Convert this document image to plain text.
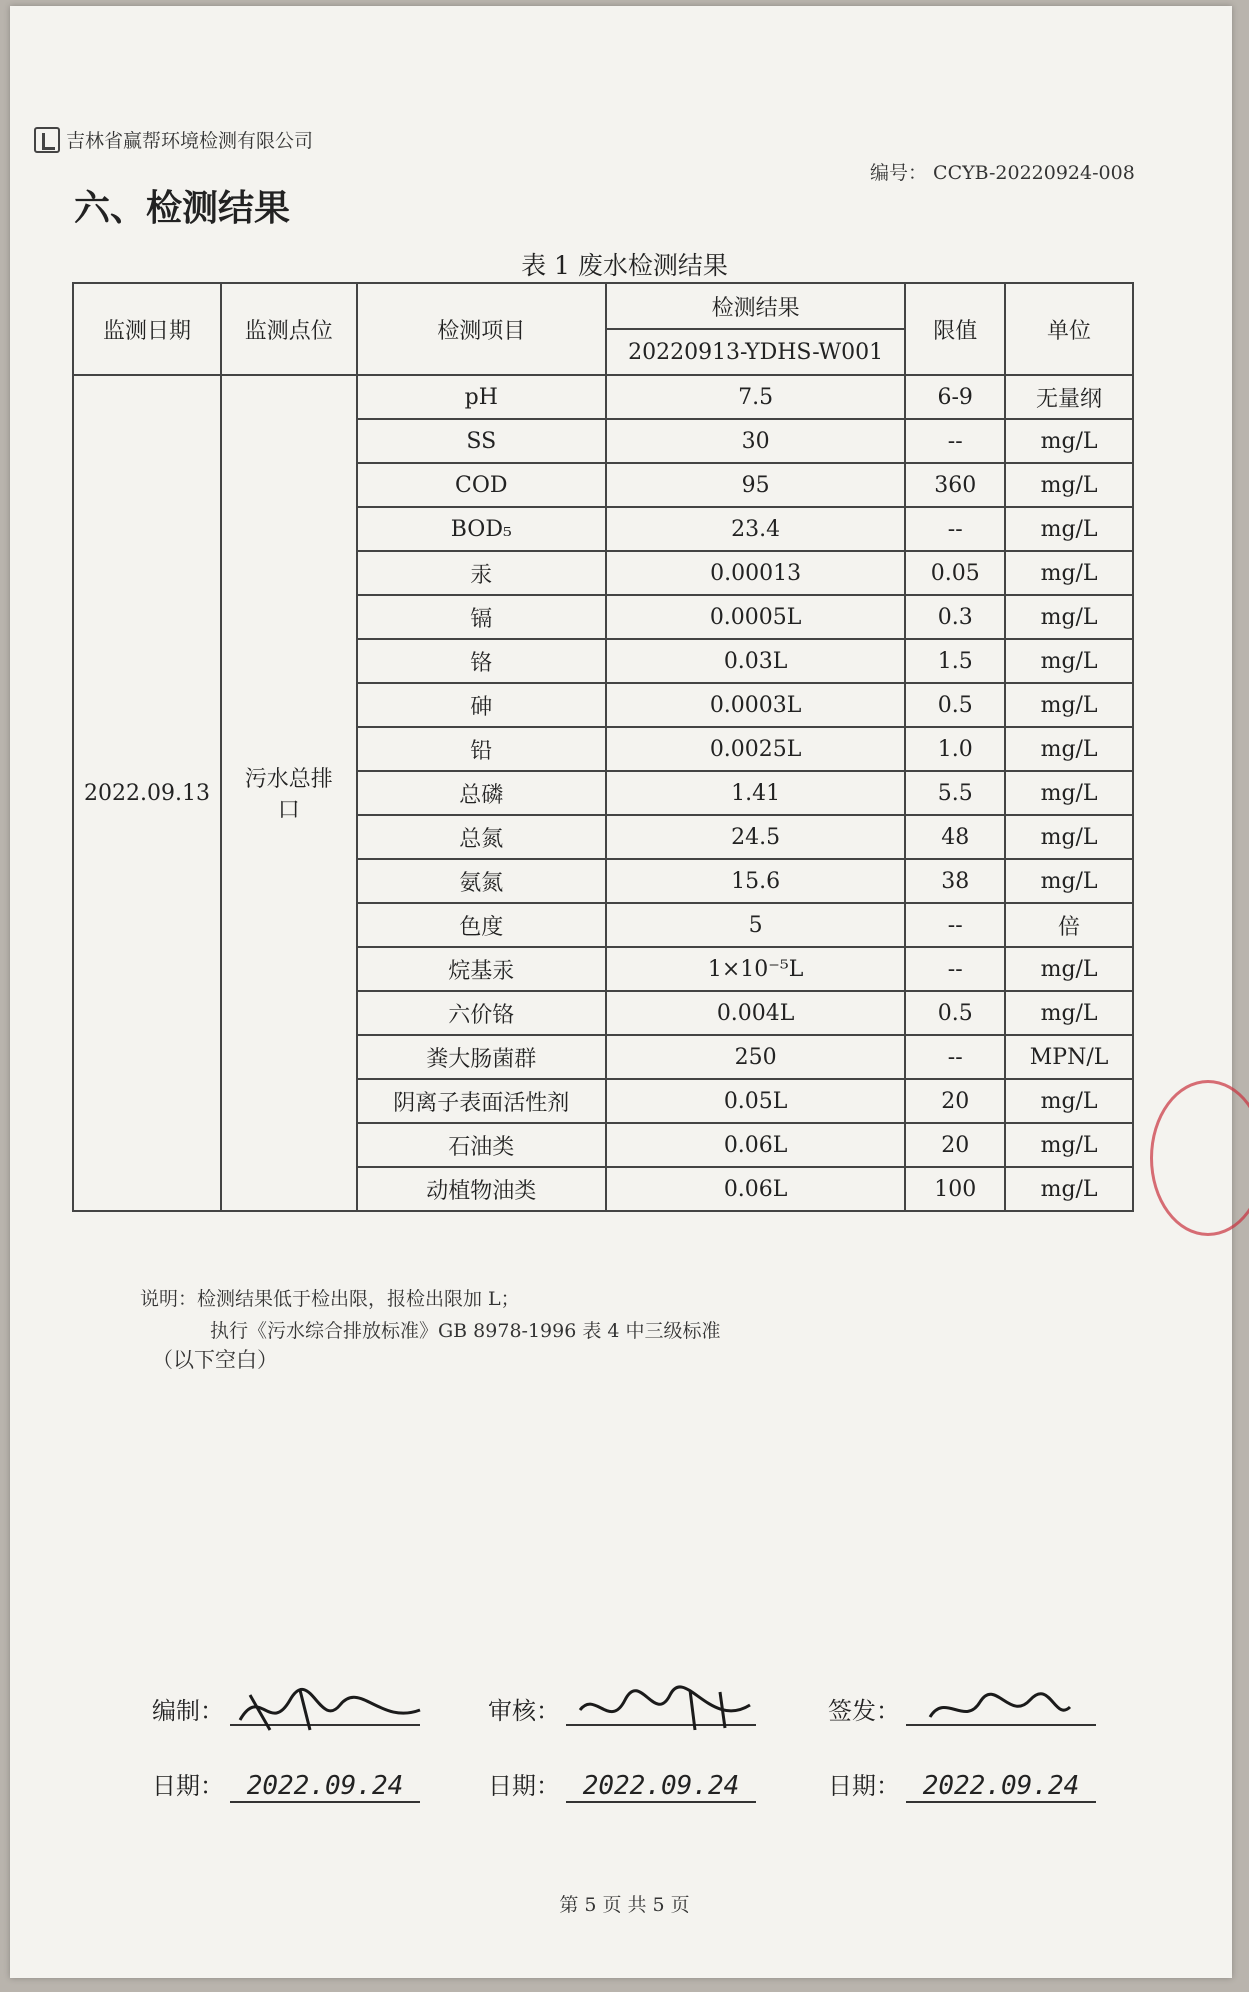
吉林省赢帮环境检测有限公司
编号： CCYB-20220924-008
六、检测结果
表 1 废水检测结果
监测日期	监测点位	检测项目	检测结果	限值	单位
			20220913-YDHS-W001		
2022.09.13	污水总排口	pH	7.5	6-9	无量纲
		SS	30	--	mg/L
		COD	95	360	mg/L
		BOD₅	23.4	--	mg/L
		汞	0.00013	0.05	mg/L
		镉	0.0005L	0.3	mg/L
		铬	0.03L	1.5	mg/L
		砷	0.0003L	0.5	mg/L
		铅	0.0025L	1.0	mg/L
		总磷	1.41	5.5	mg/L
		总氮	24.5	48	mg/L
		氨氮	15.6	38	mg/L
		色度	5	--	倍
		烷基汞	1×10⁻⁵L	--	mg/L
		六价铬	0.004L	0.5	mg/L
		粪大肠菌群	250	--	MPN/L
		阴离子表面活性剂	0.05L	20	mg/L
		石油类	0.06L	20	mg/L
		动植物油类	0.06L	100	mg/L
说明：检测结果低于检出限，报检出限加 L；
执行《污水综合排放标准》GB 8978-1996 表 4 中三级标准
（以下空白）
编制：	审核：	签发：
日期： 2022.09.24	日期： 2022.09.24	日期： 2022.09.24
第 5 页 共 5 页
